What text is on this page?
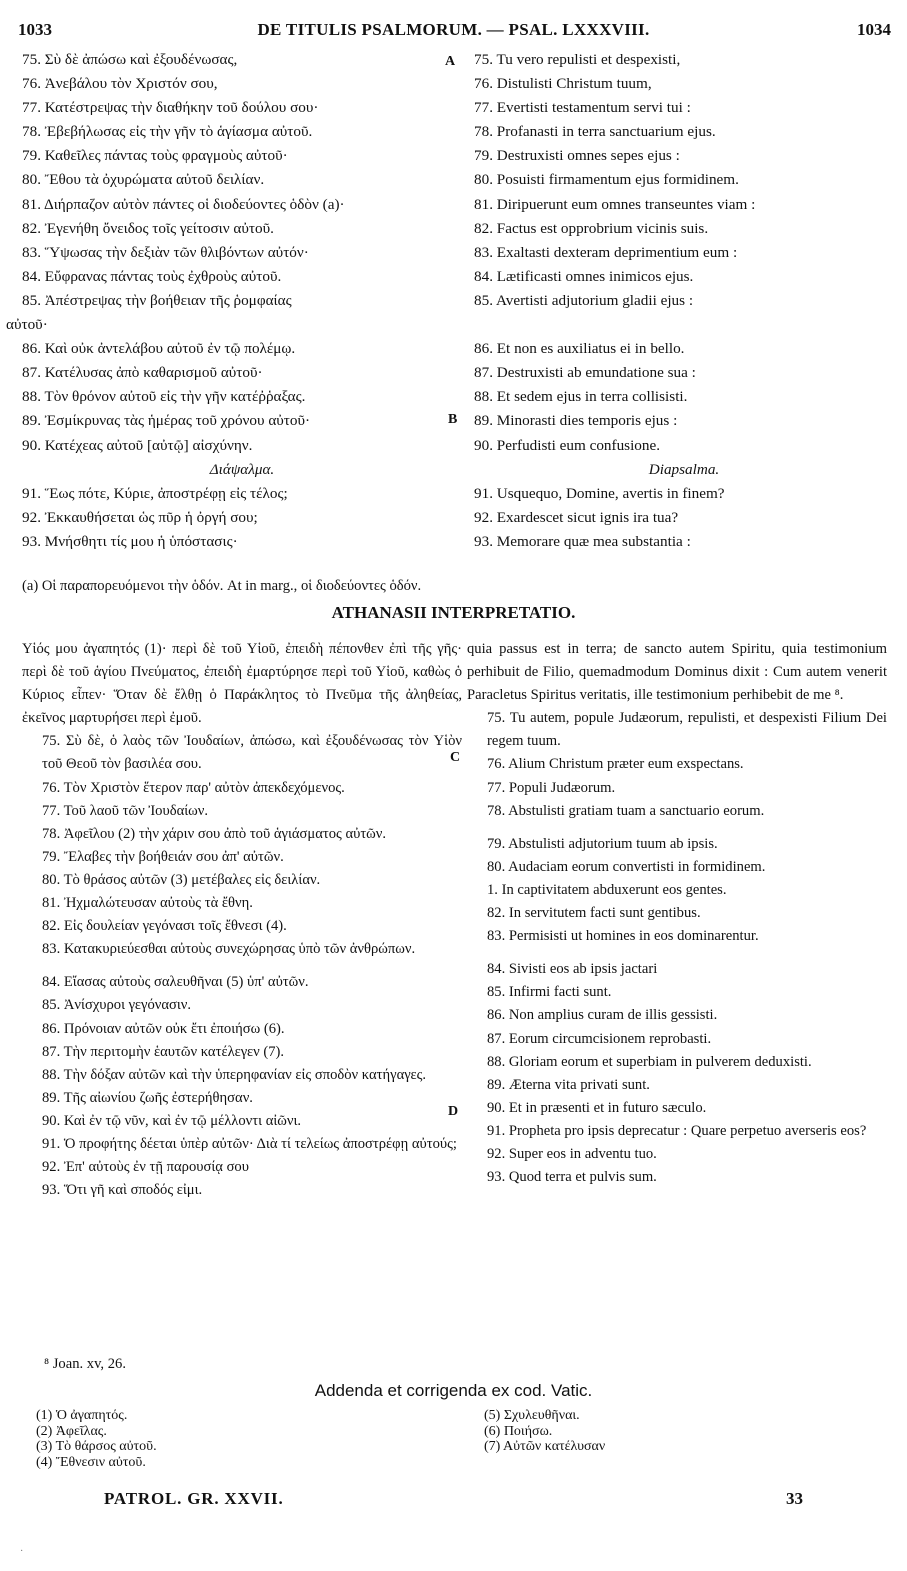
1033	DE TITULIS PSALMORUM. — PSAL. LXXXVIII.	1034
A
B
C
D
75. Σὺ δὲ ἀπώσω καὶ ἐξουδένωσας,
76. Ἀνεβάλου τὸν Χριστόν σου,
77. Κατέστρεψας τὴν διαθήκην τοῦ δούλου σου·
78. Ἐβεβήλωσας εἰς τὴν γῆν τὸ ἁγίασμα αὐτοῦ.
79. Καθεῖλες πάντας τοὺς φραγμοὺς αὐτοῦ·
80. Ἔθου τὰ ὀχυρώματα αὐτοῦ δειλίαν.
81. Διήρπαζον αὐτὸν πάντες οἱ διοδεύοντες ὁδὸν (a)·
82. Ἐγενήθη ὄνειδος τοῖς γείτοσιν αὐτοῦ.
83. Ὕψωσας τὴν δεξιὰν τῶν θλιβόντων αὐτόν·
84. Εὔφρανας πάντας τοὺς ἐχθροὺς αὐτοῦ.
85. Ἀπέστρεψας τὴν βοήθειαν τῆς ῥομφαίας
αὐτοῦ·
86. Καὶ οὐκ ἀντελάβου αὐτοῦ ἐν τῷ πολέμῳ.
87. Κατέλυσας ἀπὸ καθαρισμοῦ αὐτοῦ·
88. Τὸν θρόνον αὐτοῦ εἰς τὴν γῆν κατέῤῥαξας.
89. Ἐσμίκρυνας τὰς ἡμέρας τοῦ χρόνου αὐτοῦ·
90. Κατέχεας αὐτοῦ [αὐτῷ] αἰσχύνην.
Διάψαλμα.
91. Ἕως πότε, Κύριε, ἀποστρέφῃ εἰς τέλος;
92. Ἐκκαυθήσεται ὡς πῦρ ἡ ὀργή σου;
93. Μνήσθητι τίς μου ἡ ὑπόστασις·
75. Tu vero repulisti et despexisti,
76. Distulisti Christum tuum,
77. Evertisti testamentum servi tui :
78. Profanasti in terra sanctuarium ejus.
79. Destruxisti omnes sepes ejus :
80. Posuisti firmamentum ejus formidinem.
81. Diripuerunt eum omnes transeuntes viam :
82. Factus est opprobrium vicinis suis.
83. Exaltasti dexteram deprimentium eum :
84. Lætificasti omnes inimicos ejus.
85. Avertisti adjutorium gladii ejus :

86. Et non es auxiliatus ei in bello.
87. Destruxisti ab emundatione sua :
88. Et sedem ejus in terra collisisti.
89. Minorasti dies temporis ejus :
90. Perfudisti eum confusione.
Diapsalma.
91. Usquequo, Domine, avertis in finem?
92. Exardescet sicut ignis ira tua?
93. Memorare quæ mea substantia :
(a) Οἱ παραπορευόμενοι τὴν ὁδόν. At in marg., οἱ διοδεύοντες ὁδόν.
ATHANASII INTERPRETATIO.
Υἱός μου ἀγαπητός (1)· περὶ δὲ τοῦ Υἱοῦ, ἐπειδὴ πέπονθεν ἐπὶ τῆς γῆς· περὶ δὲ τοῦ ἁγίου Πνεύματος, ἐπειδὴ ἐμαρτύρησε περὶ τοῦ Υἱοῦ, καθὼς ὁ Κύριος εἶπεν· Ὅταν δὲ ἔλθῃ ὁ Παράκλητος τὸ Πνεῦμα τῆς ἀληθείας, ἐκεῖνος μαρτυρήσει περὶ ἐμοῦ.
75. Σὺ δὲ, ὁ λαὸς τῶν Ἰουδαίων, ἀπώσω, καὶ ἐξουδένωσας τὸν Υἱὸν τοῦ Θεοῦ τὸν βασιλέα σου.
76. Τὸν Χριστὸν ἕτερον παρ' αὐτὸν ἀπεκδεχόμενος.
77. Τοῦ λαοῦ τῶν Ἰουδαίων.
78. Ἀφεῖλου (2) τὴν χάριν σου ἀπὸ τοῦ ἁγιάσματος αὐτῶν.
79. Ἔλαβες τὴν βοήθειάν σου ἀπ' αὐτῶν.
80. Τὸ θράσος αὐτῶν (3) μετέβαλες εἰς δειλίαν.
81. Ἠχμαλώτευσαν αὐτοὺς τὰ ἔθνη.
82. Εἰς δουλείαν γεγόνασι τοῖς ἔθνεσι (4).
83. Κατακυριεύεσθαι αὐτοὺς συνεχώρησας ὑπὸ τῶν ἀνθρώπων.
84. Εἴασας αὐτοὺς σαλευθῆναι (5) ὑπ' αὐτῶν.
85. Ἀνίσχυροι γεγόνασιν.
86. Πρόνοιαν αὐτῶν οὐκ ἔτι ἐποιήσω (6).
87. Τὴν περιτομὴν ἑαυτῶν κατέλεγεν (7).
88. Τὴν δόξαν αὐτῶν καὶ τὴν ὑπερηφανίαν εἰς σποδὸν κατήγαγες.
89. Τῆς αἰωνίου ζωῆς ἐστερήθησαν.
90. Καὶ ἐν τῷ νῦν, καὶ ἐν τῷ μέλλοντι αἰῶνι.
91. Ὁ προφήτης δέεται ὑπὲρ αὐτῶν· Διὰ τί τελείως ἀποστρέφῃ αὐτούς;
92. Ἐπ' αὐτοὺς ἐν τῇ παρουσίᾳ σου
93. Ὅτι γῆ καὶ σποδός εἰμι.
quia passus est in terra; de sancto autem Spiritu, quia testimonium perhibuit de Filio, quemadmodum Dominus dixit : Cum autem venerit Paracletus Spiritus veritatis, ille testimonium perhibebit de me ⁸.
75. Tu autem, popule Judæorum, repulisti, et despexisti Filium Dei regem tuum.
76. Alium Christum præter eum exspectans.
77. Populi Judæorum.
78. Abstulisti gratiam tuam a sanctuario eorum.
79. Abstulisti adjutorium tuum ab ipsis.
80. Audaciam eorum convertisti in formidinem.
1. In captivitatem abduxerunt eos gentes.
82. In servitutem facti sunt gentibus.
83. Permisisti ut homines in eos dominarentur.
84. Sivisti eos ab ipsis jactari
85. Infirmi facti sunt.
86. Non amplius curam de illis gessisti.
87. Eorum circumcisionem reprobasti.
88. Gloriam eorum et superbiam in pulverem deduxisti.
89. Æterna vita privati sunt.
90. Et in præsenti et in futuro sæculo.
91. Propheta pro ipsis deprecatur : Quare perpetuo averseris eos?
92. Super eos in adventu tuo.
93. Quod terra et pulvis sum.
⁸ Joan. xv, 26.
Addenda et corrigenda ex cod. Vatic.
(1) Ὁ ἀγαπητός.
(2) Ἀφεῖλας.
(3) Τὸ θάρσος αὐτοῦ.
(4) Ἔθνεσιν αὐτοῦ.
(5) Σχυλευθῆναι.
(6) Ποιήσω.
(7) Αὐτῶν κατέλυσαν
PATROL. GR. XXVII.	33
·
